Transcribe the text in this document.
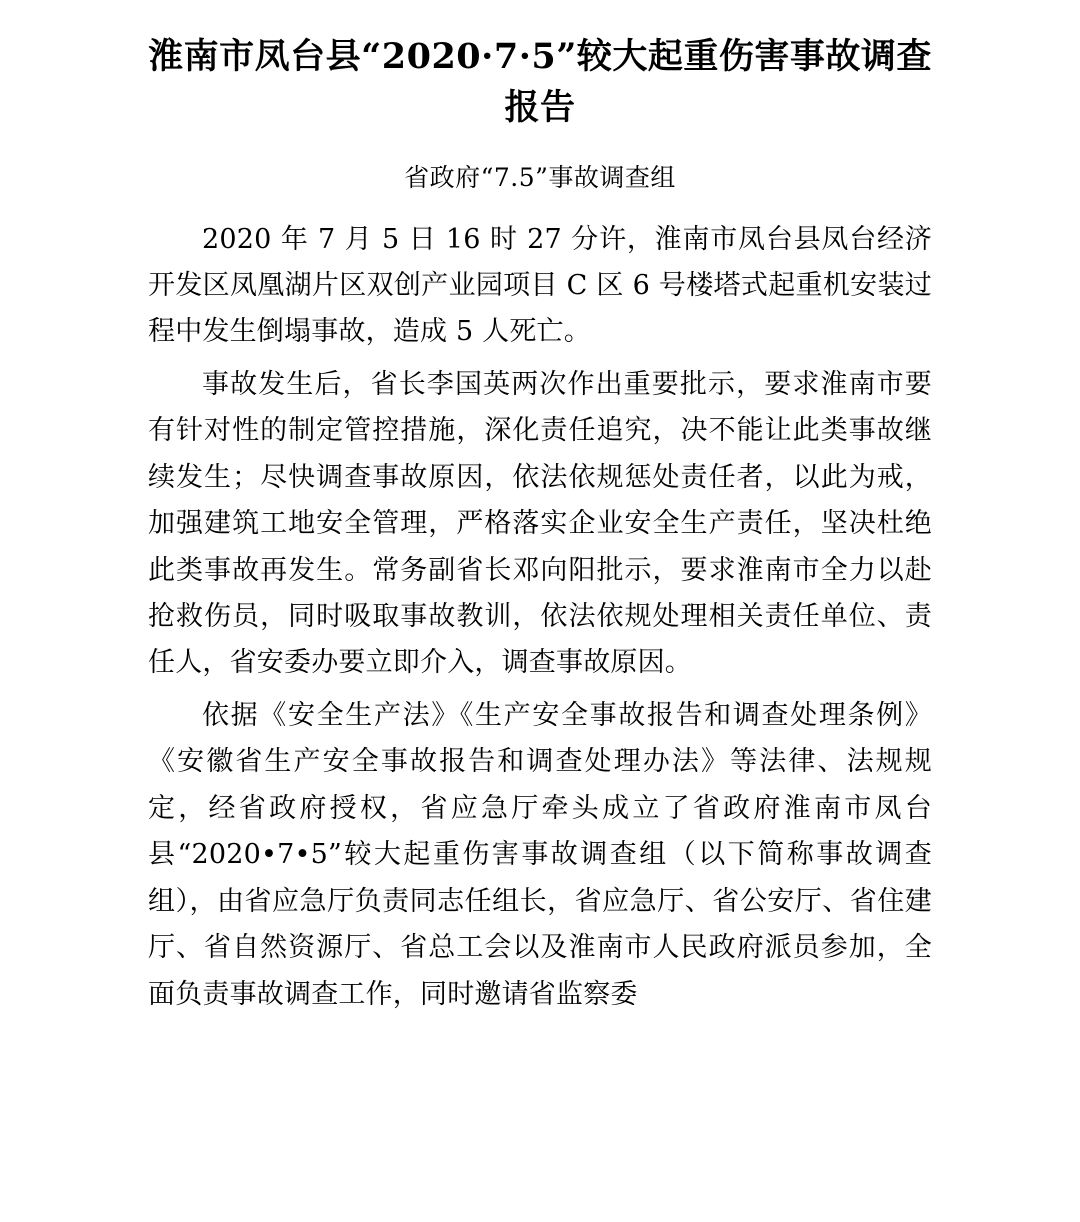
淮南市凤台县“2020·7·5”较大起重伤害事故调查报告
省政府“7.5”事故调查组

2020 年 7 月 5 日 16 时 27 分许，淮南市凤台县凤台经济开发区凤凰湖片区双创产业园项目 C 区 6 号楼塔式起重机安装过程中发生倒塌事故，造成 5 人死亡。

事故发生后，省长李国英两次作出重要批示，要求淮南市要有针对性的制定管控措施，深化责任追究，决不能让此类事故继续发生；尽快调查事故原因，依法依规惩处责任者，以此为戒，加强建筑工地安全管理，严格落实企业安全生产责任，坚决杜绝此类事故再发生。常务副省长邓向阳批示，要求淮南市全力以赴抢救伤员，同时吸取事故教训，依法依规处理相关责任单位、责任人，省安委办要立即介入，调查事故原因。

依据《安全生产法》《生产安全事故报告和调查处理条例》《安徽省生产安全事故报告和调查处理办法》等法律、法规规定，经省政府授权，省应急厅牵头成立了省政府淮南市凤台县“2020•7•5”较大起重伤害事故调查组（以下简称事故调查组），由省应急厅负责同志任组长，省应急厅、省公安厅、省住建厅、省自然资源厅、省总工会以及淮南市人民政府派员参加，全面负责事故调查工作，同时邀请省监察委
